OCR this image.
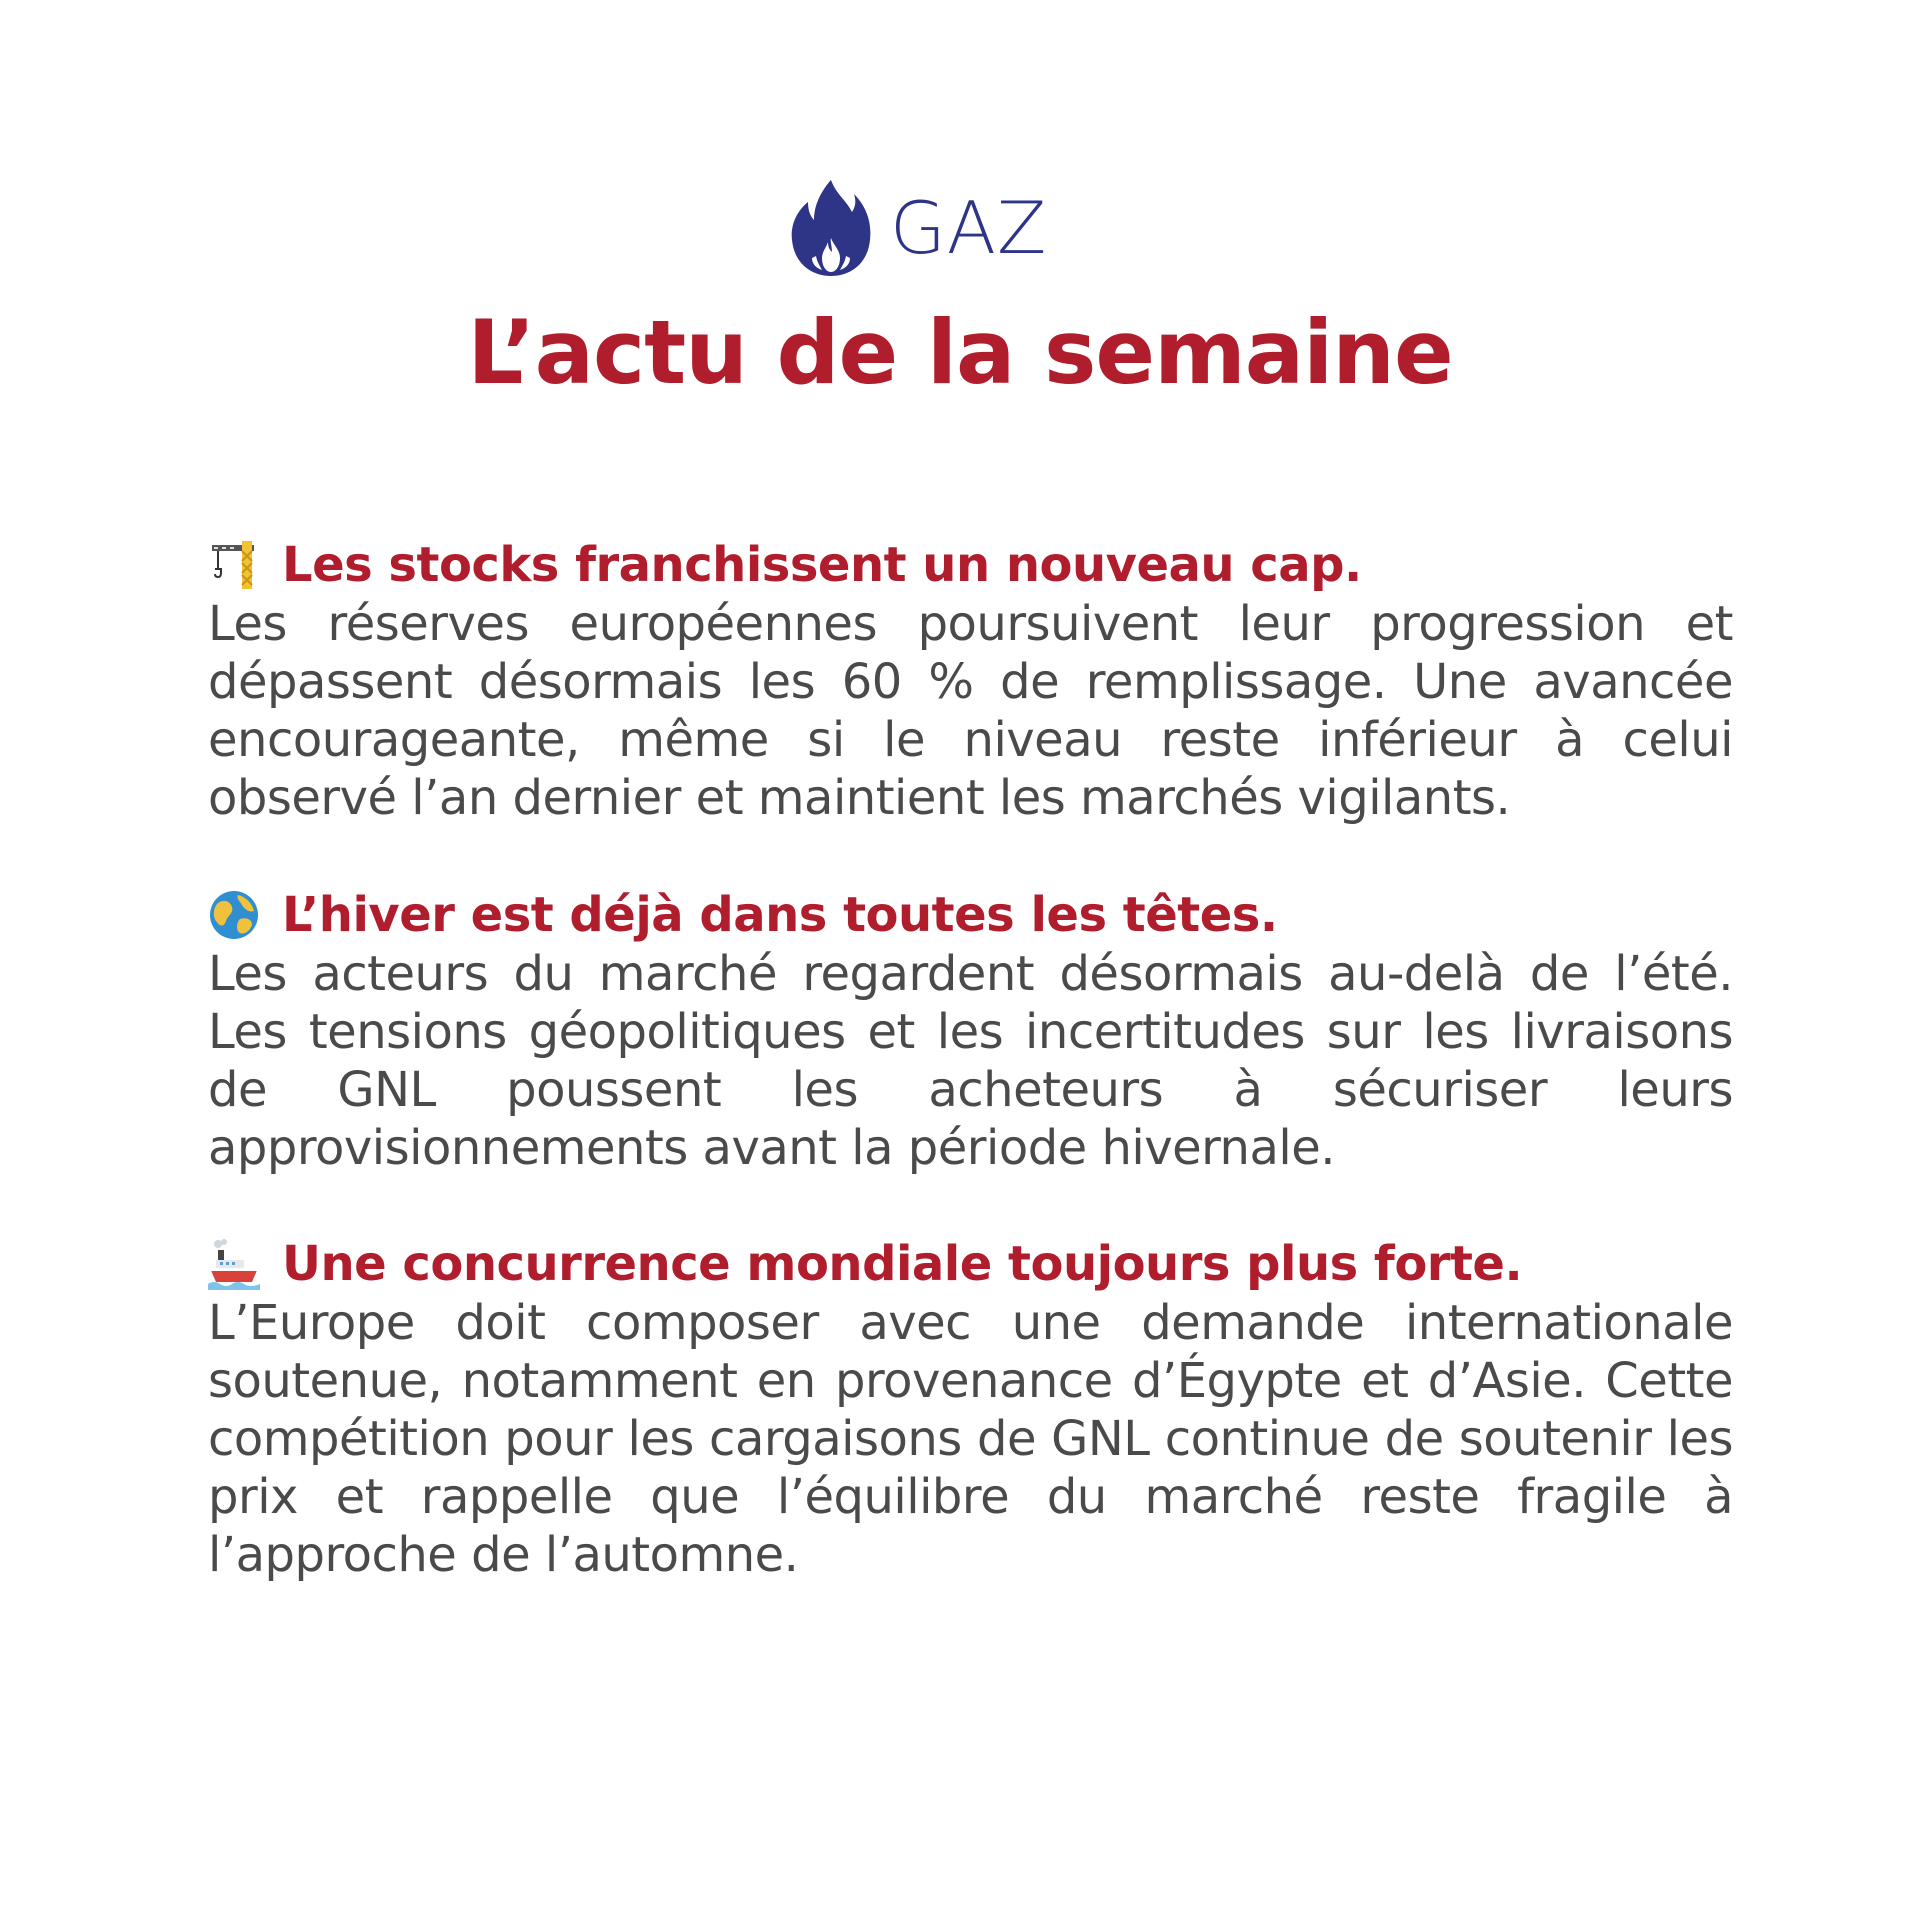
GAZ
L’actu de la semaine
Les stocks franchissent un nouveau cap.
Les réserves européennes poursuivent leur progression et dépassent désormais les 60 % de remplissage. Une avancée encourageante, même si le niveau reste inférieur à celui observé l’an dernier et maintient les marchés vigilants.
L’hiver est déjà dans toutes les têtes.
Les acteurs du marché regardent désormais au-delà de l’été. Les tensions géopolitiques et les incertitudes sur les livraisons de GNL poussent les acheteurs à sécuriser leurs approvisionnements avant la période hivernale.
Une concurrence mondiale toujours plus forte.
L’Europe doit composer avec une demande internationale soutenue, notamment en provenance d’Égypte et d’Asie. Cette compétition pour les cargaisons de GNL continue de soutenir les prix et rappelle que l’équilibre du marché reste fragile à l’approche de l’automne.
